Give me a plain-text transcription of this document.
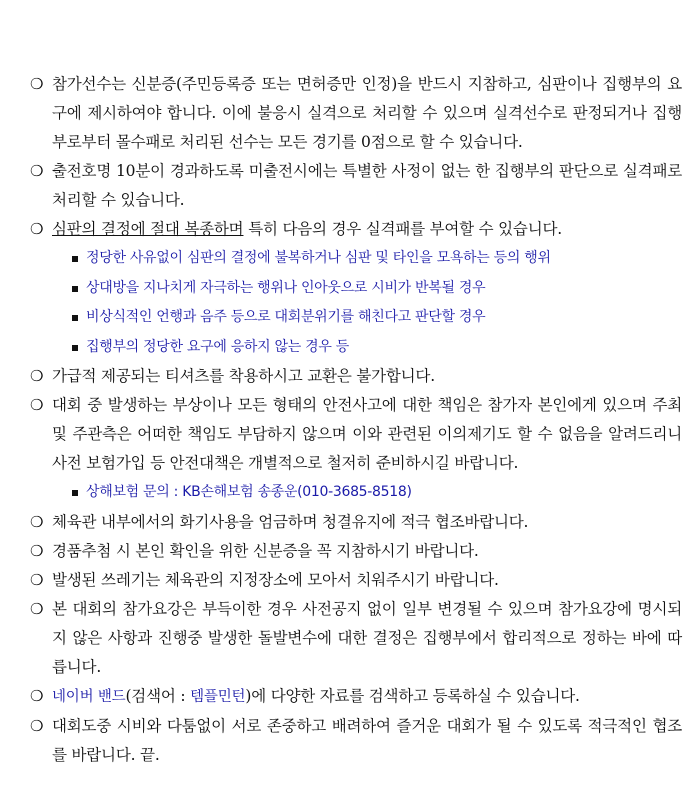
❍ 참가선수는 신분증(주민등록증 또는 면허증만 인정)을 반드시 지참하고, 심판이나 집행부의 요구에 제시하여야 합니다. 이에 불응시 실격으로 처리할 수 있으며 실격선수로 판정되거나 집행부로부터 몰수패로 처리된 선수는 모든 경기를 0점으로 할 수 있습니다.
❍ 출전호명 10분이 경과하도록 미출전시에는 특별한 사정이 없는 한 집행부의 판단으로 실격패로 처리할 수 있습니다.
❍ 심판의 결정에 절대 복종하며 특히 다음의 경우 실격패를 부여할 수 있습니다.
정당한 사유없이 심판의 결정에 불복하거나 심판 및 타인을 모욕하는 등의 행위
상대방을 지나치게 자극하는 행위나 인아웃으로 시비가 반복될 경우
비상식적인 언행과 음주 등으로 대회분위기를 해친다고 판단할 경우
집행부의 정당한 요구에 응하지 않는 경우 등
❍ 가급적 제공되는 티셔츠를 착용하시고 교환은 불가합니다.
❍ 대회 중 발생하는 부상이나 모든 형태의 안전사고에 대한 책임은 참가자 본인에게 있으며 주최 및 주관측은 어떠한 책임도 부담하지 않으며 이와 관련된 이의제기도 할 수 없음을 알려드리니 사전 보험가입 등 안전대책은 개별적으로 철저히 준비하시길 바랍니다.
상해보험 문의 : KB손해보험 송종운(010-3685-8518)
❍ 체육관 내부에서의 화기사용을 엄금하며 청결유지에 적극 협조바랍니다.
❍ 경품추첨 시 본인 확인을 위한 신분증을 꼭 지참하시기 바랍니다.
❍ 발생된 쓰레기는 체육관의 지정장소에 모아서 치워주시기 바랍니다.
❍ 본 대회의 참가요강은 부득이한 경우 사전공지 없이 일부 변경될 수 있으며 참가요강에 명시되지 않은 사항과 진행중 발생한 돌발변수에 대한 결정은 집행부에서 합리적으로 정하는 바에 따릅니다.
❍ 네이버 밴드(검색어 : 템플민턴)에 다양한 자료를 검색하고 등록하실 수 있습니다.
❍ 대회도중 시비와 다툼없이 서로 존중하고 배려하여 즐거운 대회가 될 수 있도록 적극적인 협조를 바랍니다. 끝.
